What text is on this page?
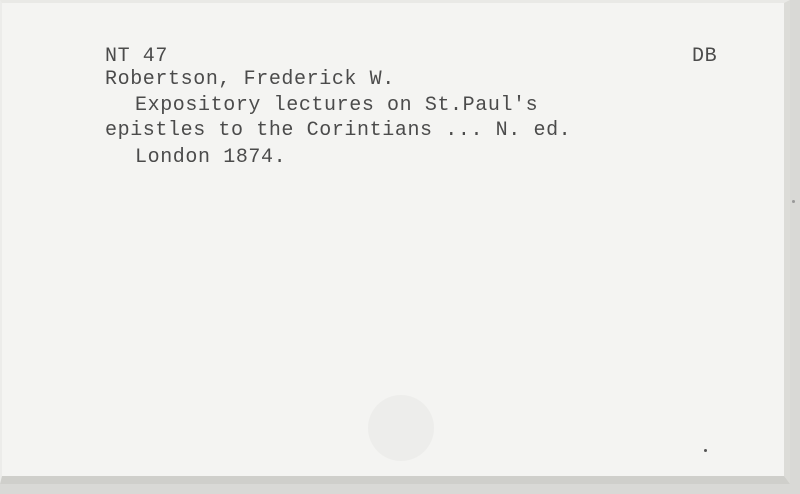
NT 47	DB
Robertson, Frederick W.
Expository lectures on St.Paul's
epistles to the Corintians ... N. ed.
London 1874.
